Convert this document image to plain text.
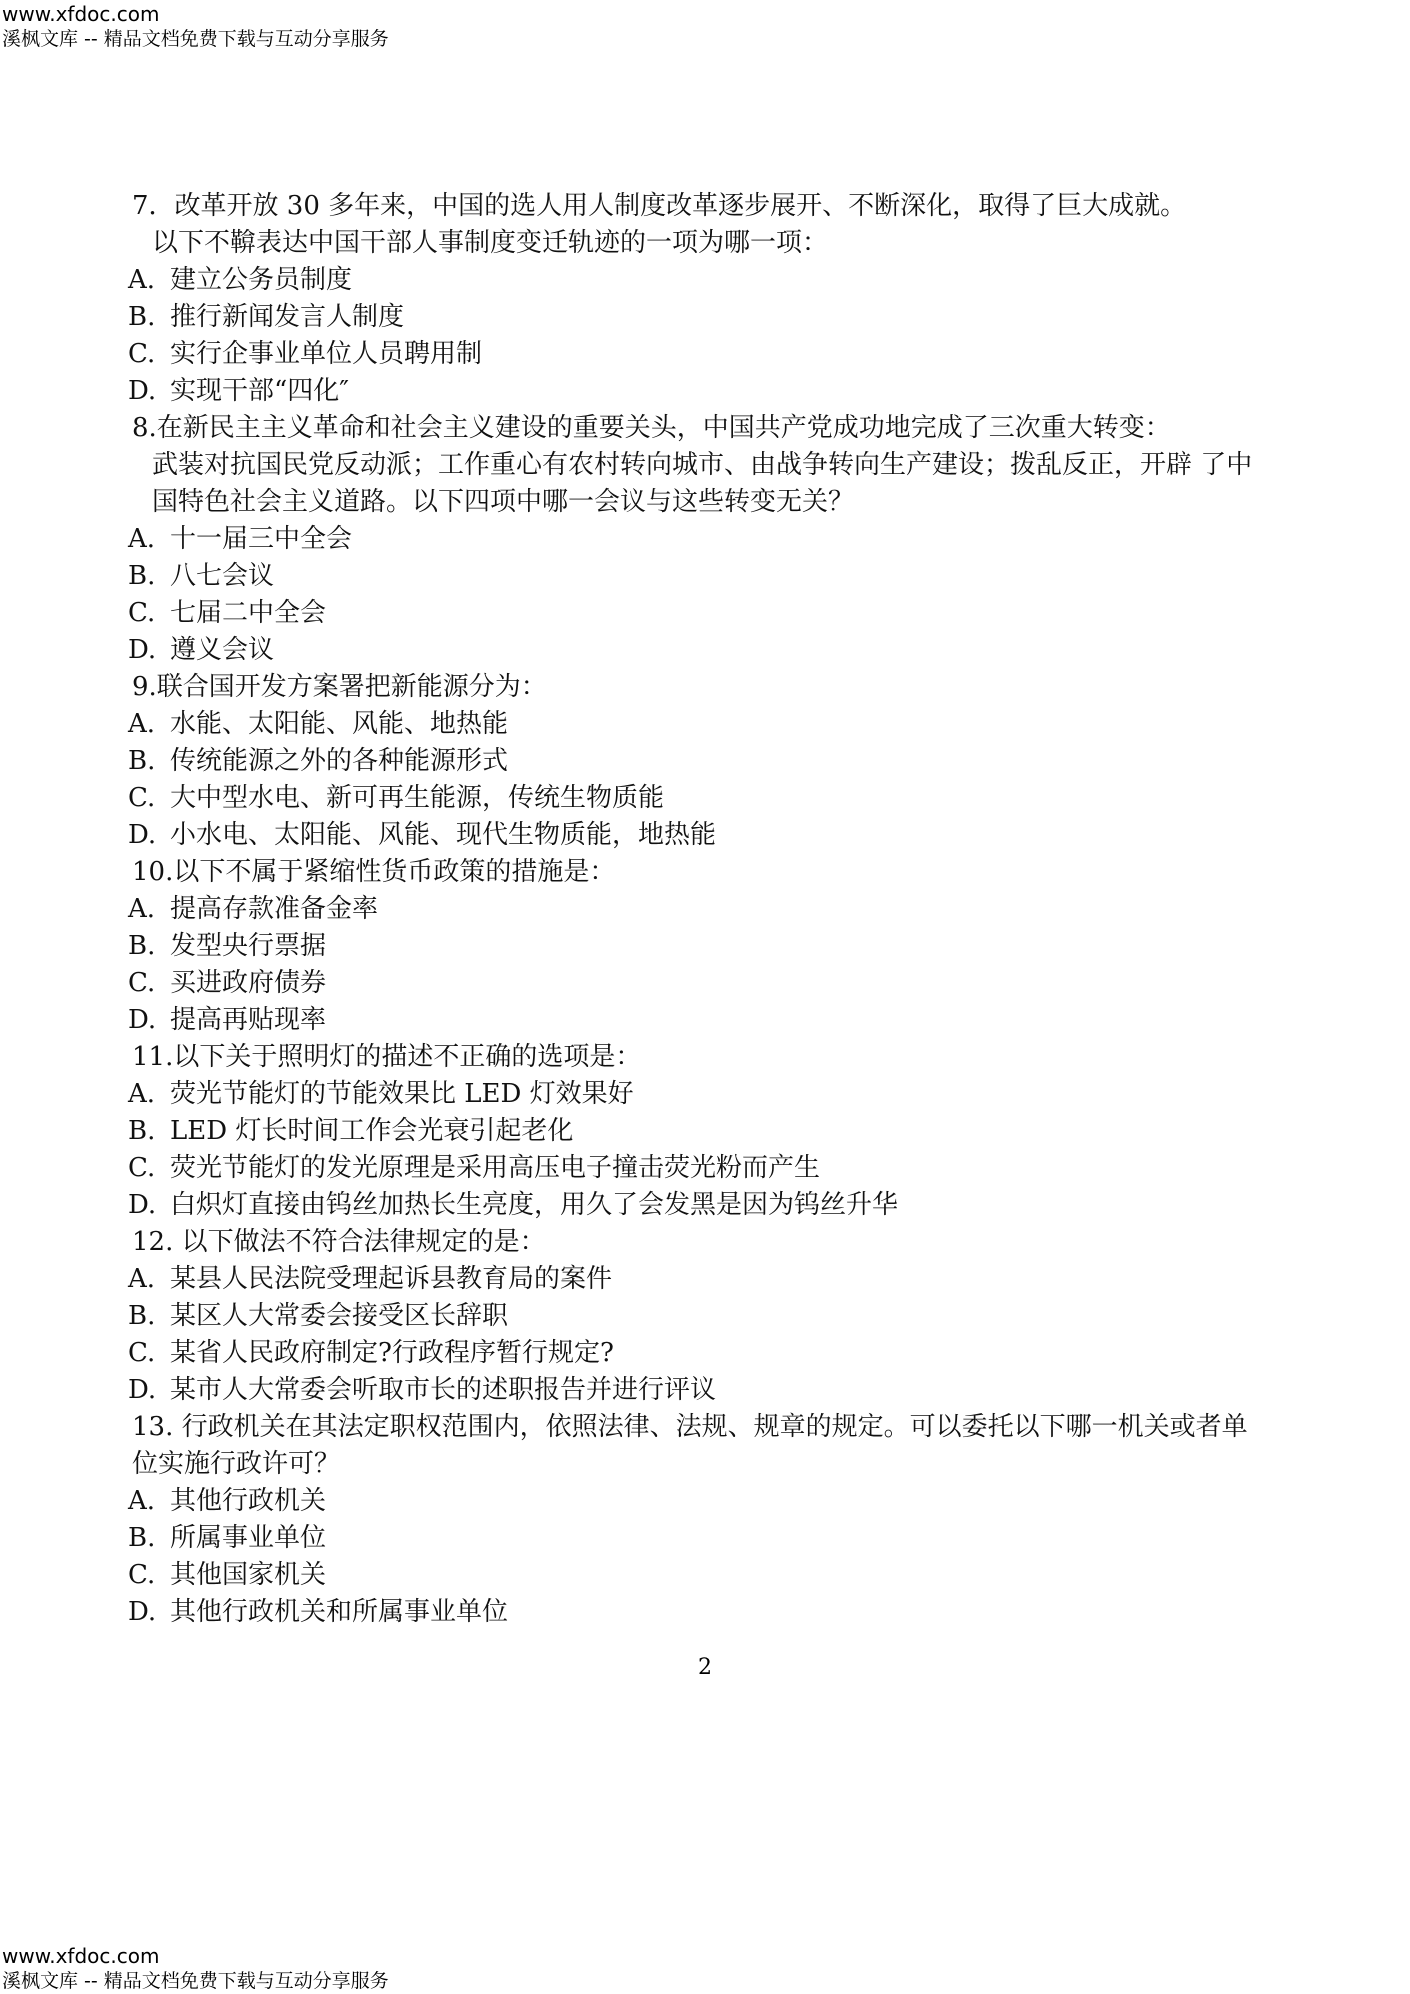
www.xfdoc.com
溪枫文库 -- 精品文档免费下载与互动分享服务

7．改革开放 30 多年来，中国的选人用人制度改革逐步展开、不断深化，取得了巨大成就。
以下不鞥表达中国干部人事制度变迁轨迹的一项为哪一项：

A. 建立公务员制度
B. 推行新闻发言人制度
C. 实行企事业单位人员聘用制
D. 实现干部“四化″

8.在新民主主义革命和社会主义建设的重要关头，中国共产党成功地完成了三次重大转变：
武装对抗国民党反动派；工作重心有农村转向城市、由战争转向生产建设；拨乱反正，开辟 了中国特色社会主义道路。以下四项中哪一会议与这些转变无关？

A. 十一届三中全会
B. 八七会议
C. 七届二中全会
D. 遵义会议

9.联合国开发方案署把新能源分为：

A. 水能、太阳能、风能、地热能
B. 传统能源之外的各种能源形式
C. 大中型水电、新可再生能源，传统生物质能
D. 小水电、太阳能、风能、现代生物质能，地热能

10.以下不属于紧缩性货币政策的措施是：

A. 提高存款准备金率
B. 发型央行票据
C. 买进政府债券
D. 提高再贴现率

11.以下关于照明灯的描述不正确的选项是：

A. 荧光节能灯的节能效果比 LED 灯效果好
B. LED 灯长时间工作会光衰引起老化
C. 荧光节能灯的发光原理是采用高压电子撞击荧光粉而产生
D. 白炽灯直接由钨丝加热长生亮度，用久了会发黑是因为钨丝升华

12. 以下做法不符合法律规定的是：

A. 某县人民法院受理起诉县教育局的案件
B. 某区人大常委会接受区长辞职
C. 某省人民政府制定?行政程序暂行规定?
D. 某市人大常委会听取市长的述职报告并进行评议

13. 行政机关在其法定职权范围内，依照法律、法规、规章的规定。可以委托以下哪一机关或者单位实施行政许可？

A. 其他行政机关
B. 所属事业单位
C. 其他国家机关
D. 其他行政机关和所属事业单位
2
www.xfdoc.com
溪枫文库 -- 精品文档免费下载与互动分享服务
